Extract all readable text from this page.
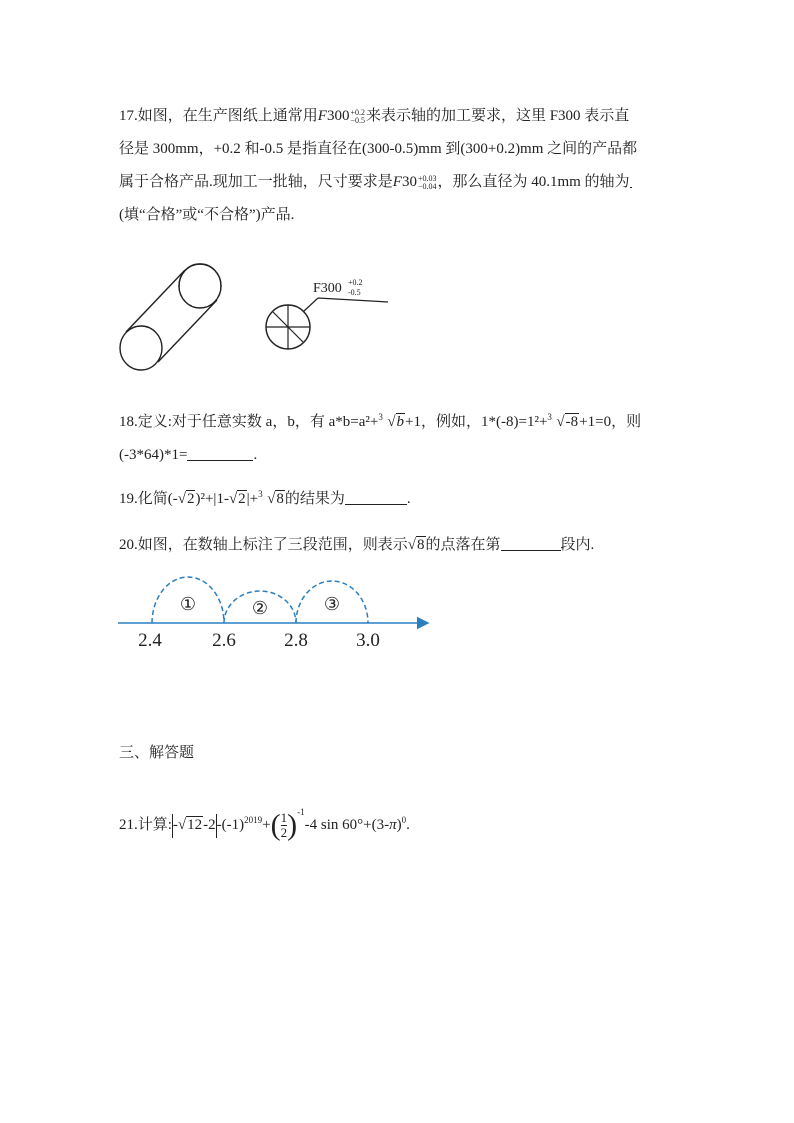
17.如图，在生产图纸上通常用F300 +0.2
−0.5 来表示轴的加工要求，这里 F300 表示直
径是 300mm，+0.2 和-0.5 是指直径在(300-0.5)mm 到(300+0.2)mm 之间的产品都
属于合格产品.现加工一批轴，尺寸要求是F30 +0.03
−0.04 ，那么直径为 40.1mm 的轴为
(填“合格”或“不合格”)产品.
F300 +0.2
-0.5
18.定义:对于任意实数 a，b，有 a*b=a²+ 3 √b+1，例如，1*(-8)=1²+ 3 √-8+1=0，则
(-3*64)*1=	.
19.化简(-√2)²+|1-√2|+ 3 √8的结果为	.
20.如图，在数轴上标注了三段范围，则表示√8的点落在第	段内.
①	②	③
2.4	2.6	2.8	3.0
三、解答题
21.计算$:-√12-2-(-1)^{2019}+( \frac{1}{2} )^{-1}-4$ $\sin 60^\circ+(3-\pi)^0$.
